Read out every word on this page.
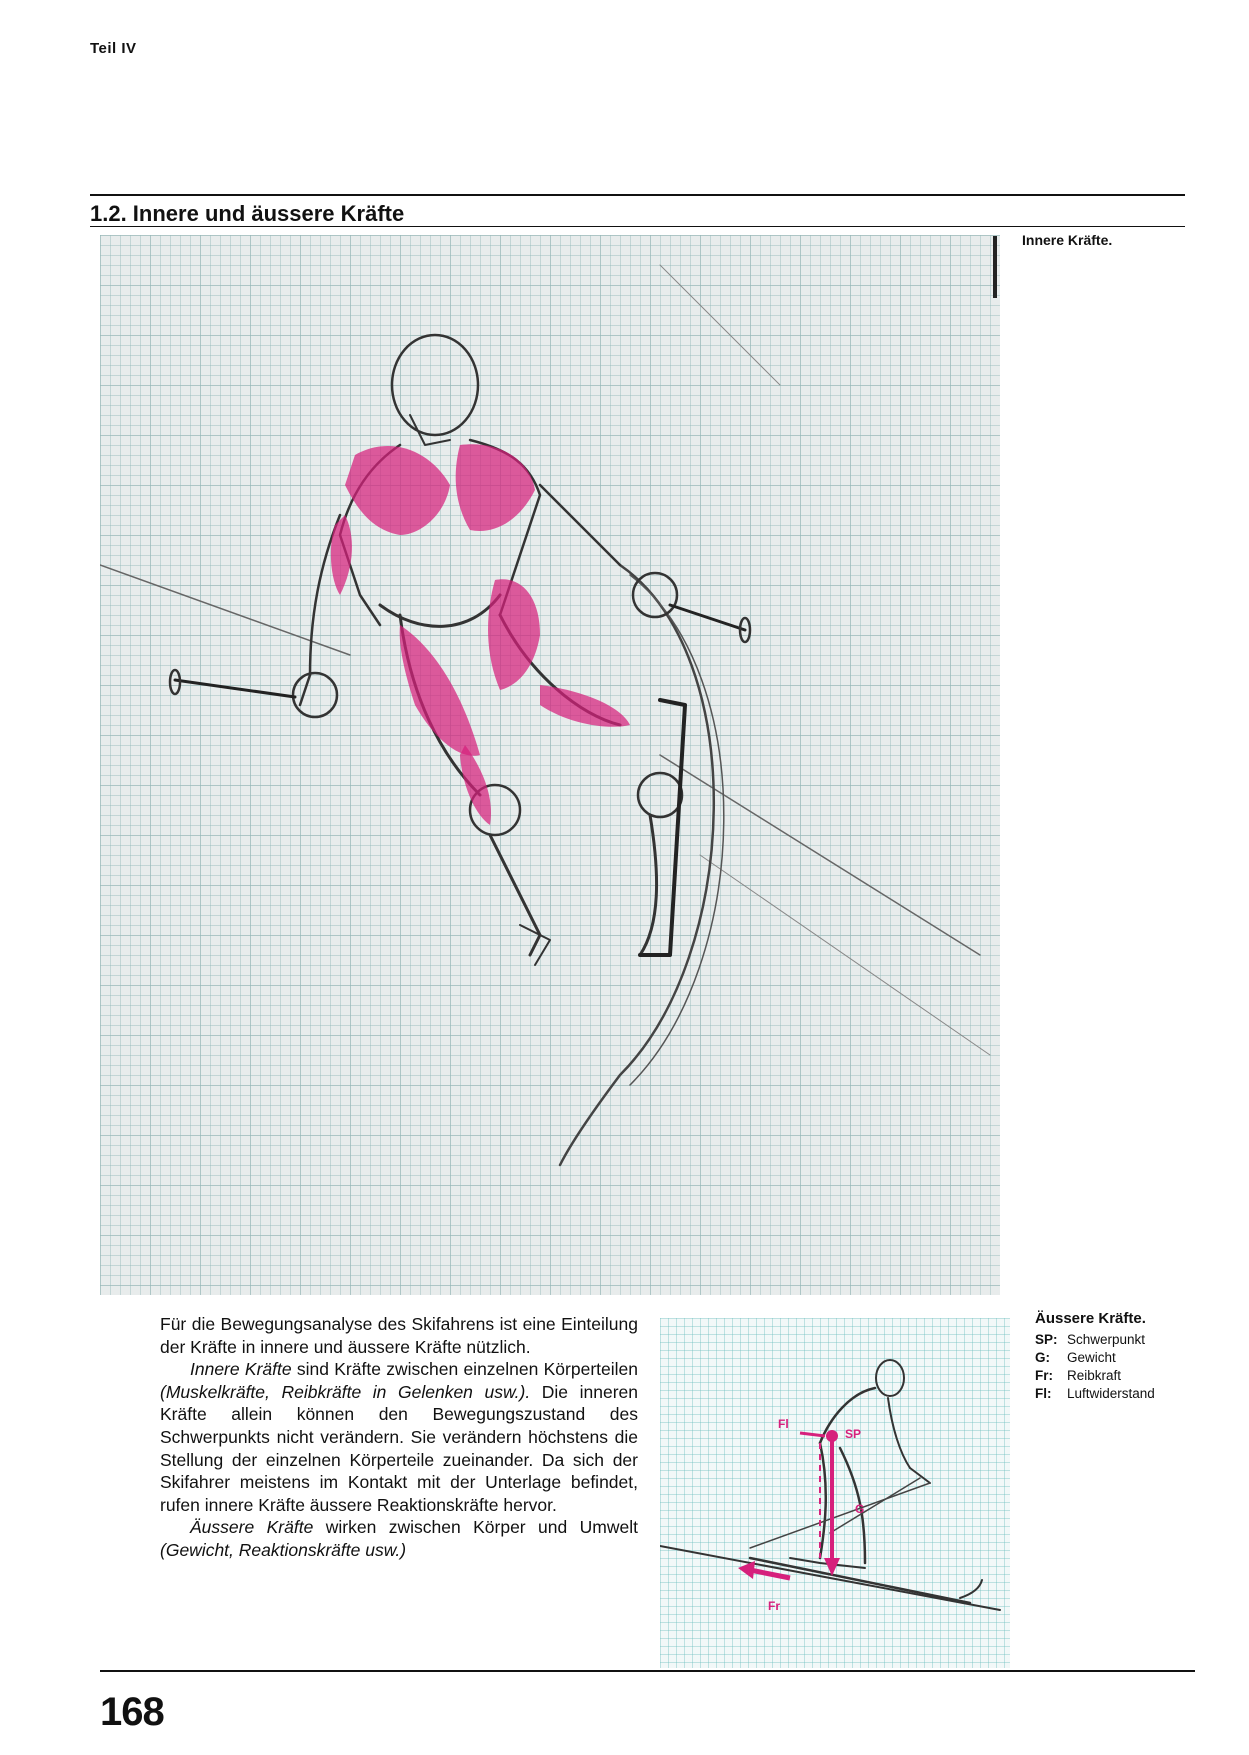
Teil IV
1.2. Innere und äussere Kräfte
Innere Kräfte.

Für die Bewegungsanalyse des Skifahrens ist eine Einteilung der Kräfte in innere und äussere Kräfte nützlich.

Innere Kräfte sind Kräfte zwischen einzelnen Körperteilen (Muskelkräfte, Reibkräfte in Gelenken usw.). Die inneren Kräfte allein können den Bewegungszustand des Schwerpunkts nicht verändern. Sie verändern höchstens die Stellung der einzelnen Körperteile zueinander. Da sich der Skifahrer meistens im Kontakt mit der Unterlage befindet, rufen innere Kräfte äussere Reaktionskräfte hervor.

Äussere Kräfte wirken zwischen Körper und Umwelt (Gewicht, Reaktionskräfte usw.)

Fl
SP
G
Fr
Äussere Kräfte.
SP: Schwerpunkt
G:	Gewicht
Fr:	Reibkraft
Fl:	Luftwiderstand
168
